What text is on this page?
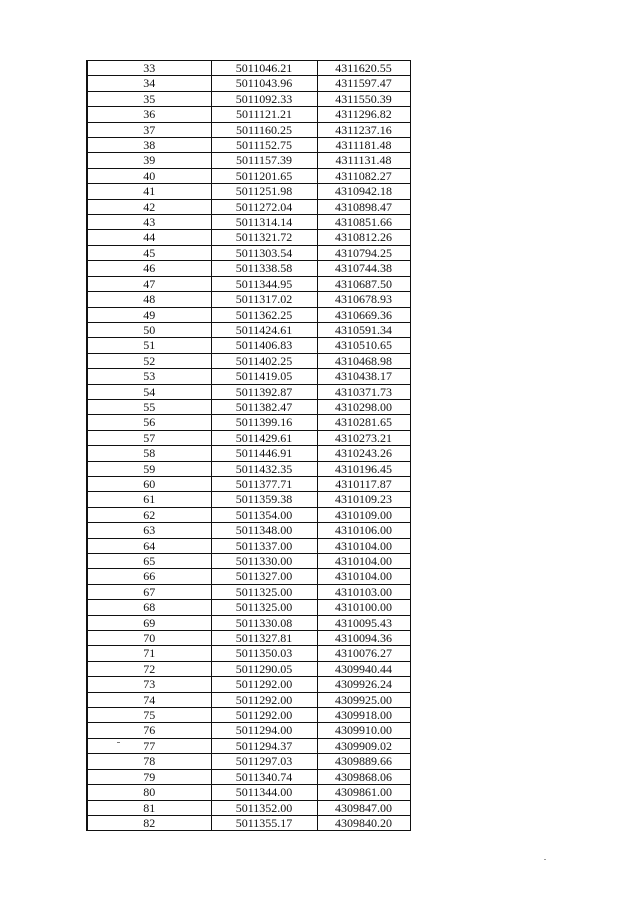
33	5011046.21	4311620.55
34	5011043.96	4311597.47
35	5011092.33	4311550.39
36	5011121.21	4311296.82
37	5011160.25	4311237.16
38	5011152.75	4311181.48
39	5011157.39	4311131.48
40	5011201.65	4311082.27
41	5011251.98	4310942.18
42	5011272.04	4310898.47
43	5011314.14	4310851.66
44	5011321.72	4310812.26
45	5011303.54	4310794.25
46	5011338.58	4310744.38
47	5011344.95	4310687.50
48	5011317.02	4310678.93
49	5011362.25	4310669.36
50	5011424.61	4310591.34
51	5011406.83	4310510.65
52	5011402.25	4310468.98
53	5011419.05	4310438.17
54	5011392.87	4310371.73
55	5011382.47	4310298.00
56	5011399.16	4310281.65
57	5011429.61	4310273.21
58	5011446.91	4310243.26
59	5011432.35	4310196.45
60	5011377.71	4310117.87
61	5011359.38	4310109.23
62	5011354.00	4310109.00
63	5011348.00	4310106.00
64	5011337.00	4310104.00
65	5011330.00	4310104.00
66	5011327.00	4310104.00
67	5011325.00	4310103.00
68	5011325.00	4310100.00
69	5011330.08	4310095.43
70	5011327.81	4310094.36
71	5011350.03	4310076.27
72	5011290.05	4309940.44
73	5011292.00	4309926.24
74	5011292.00	4309925.00
75	5011292.00	4309918.00
76	5011294.00	4309910.00
77	5011294.37	4309909.02
78	5011297.03	4309889.66
79	5011340.74	4309868.06
80	5011344.00	4309861.00
81	5011352.00	4309847.00
82	5011355.17	4309840.20
